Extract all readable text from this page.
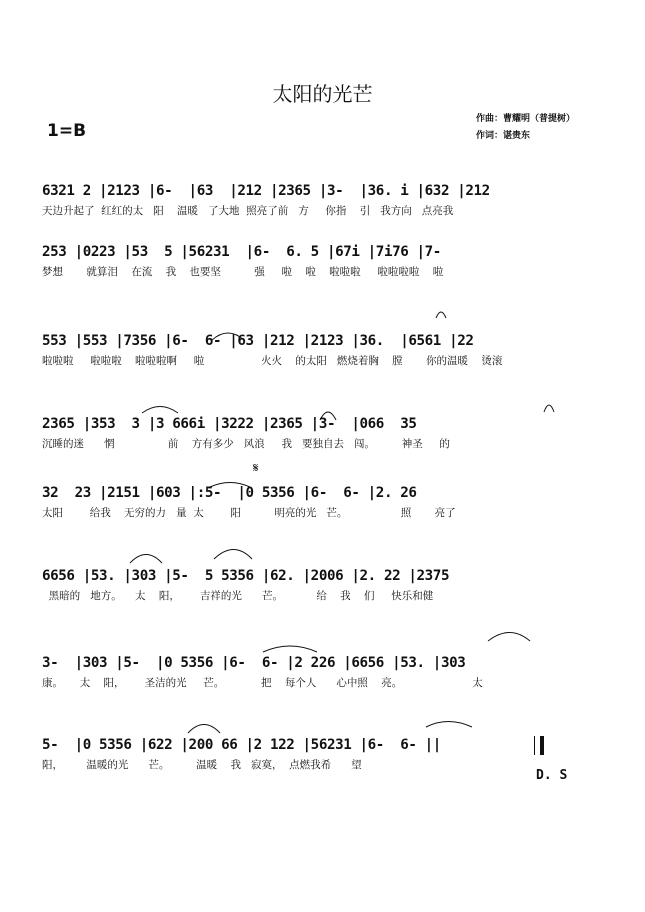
太阳的光芒
1=B
作曲：曹耀明（普提树）
作词：谌贵东
6321 2 |2123 |6-  |63  |212 |2365 |3-  |36. i |632 |212
天边升起了  红红的太   阳    温暖   了大地  照亮了前   方     你指    引   我方向   点亮我
253 |0223 |53  5 |56231  |6-  6. 5 |67i |7i76 |7-
梦想       就算泪    在流    我    也要坚          强     啦    啦    啦啦啦     啦啦啦啦    啦
553 |553 |7356 |6-  6- |63 |212 |2123 |36.  |6561 |22
啦啦啦     啦啦啦    啦啦啦啊     啦                 火火    的太阳   燃烧着胸    膛       你的温暖    烫滚
2365 |353  3 |3 666i |3222 |2365 |3-  |066  35
沉睡的迷      惘                前    方有多少   风浪     我   要独自去   闯。        神圣     的
32  23 |2151 |603 |:5-  |0 5356 |6-  6- |2. 26
太阳        给我    无穷的力   量  太        阳          明亮的光   芒。                照       亮了
6656 |53. |303 |5-  5 5356 |62. |2006 |2. 22 |2375
黑暗的   地方。    太    阳，      吉祥的光      芒。          给    我    们     快乐和健
3-  |303 |5-  |0 5356 |6-  6- |2 226 |6656 |53. |303
康。     太    阳，      圣洁的光     芒。           把    每个人      心中照    亮。                     太
5-  |0 5356 |622 |200 66 |2 122 |56231 |6-  6- ||
阳，       温暖的光      芒。        温暖    我   寂寞，  点燃我希      望
𝄋
D. S
